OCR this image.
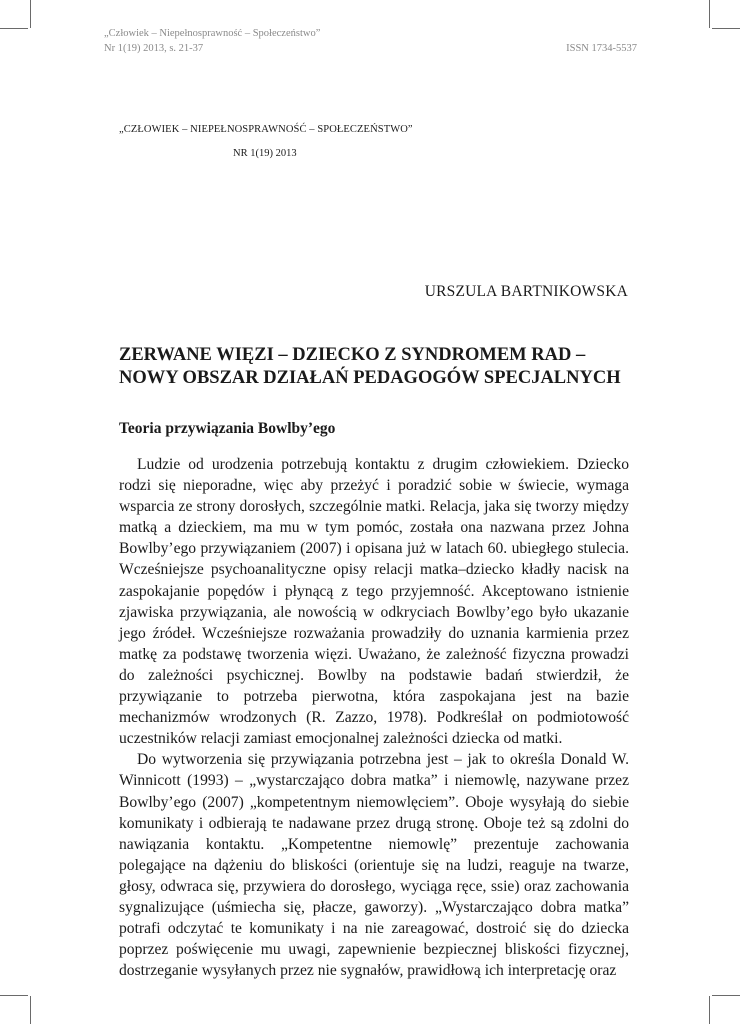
„Człowiek – Niepełnosprawność – Społeczeństwo”
Nr 1(19) 2013, s. 21-37	ISSN 1734-5537
„CZŁOWIEK – NIEPEŁNOSPRAWNOŚĆ – SPOŁECZEŃSTWO”
NR 1(19) 2013
URSZULA BARTNIKOWSKA
ZERWANE WIĘZI – DZIECKO Z SYNDROMEM RAD –
NOWY OBSZAR DZIAŁAŃ PEDAGOGÓW SPECJALNYCH
Teoria przywiązania Bowlby’ego

Ludzie od urodzenia potrzebują kontaktu z drugim człowiekiem. Dziecko rodzi się nieporadne, więc aby przeżyć i poradzić sobie w świecie, wymaga wsparcia ze strony dorosłych, szczególnie matki. Relacja, jaka się tworzy między matką a dzieckiem, ma mu w tym pomóc, została ona nazwana przez Johna Bowlby’ego przywiązaniem (2007) i opisana już w latach 60. ubiegłego stulecia. Wcześniejsze psychoanalityczne opisy relacji matka–dziecko kładły nacisk na zaspokajanie popędów i płynącą z tego przyjemność. Akceptowano istnienie zjawiska przywiązania, ale nowością w odkryciach Bowlby’ego było ukazanie jego źródeł. Wcześniejsze rozważania prowadziły do uznania karmienia przez matkę za podstawę tworzenia więzi. Uważano, że zależność fizyczna prowadzi do zależności psychicznej. Bowlby na podstawie badań stwierdził, że przywiązanie to potrzeba pierwotna, która zaspokajana jest na bazie mechanizmów wrodzonych (R. Zazzo, 1978). Podkreślał on podmiotowość uczestników relacji zamiast emocjonalnej zależności dziecka od matki.

Do wytworzenia się przywiązania potrzebna jest – jak to określa Donald W. Winnicott (1993) – „wystarczająco dobra matka” i niemowlę, nazywane przez Bowlby’ego (2007) „kompetentnym niemowlęciem”. Oboje wysyłają do siebie komunikaty i odbierają te nadawane przez drugą stronę. Oboje też są zdolni do nawiązania kontaktu. „Kompetentne niemowlę” prezentuje zachowania polegające na dążeniu do bliskości (orientuje się na ludzi, reaguje na twarze, głosy, odwraca się, przywiera do dorosłego, wyciąga ręce, ssie) oraz zachowania sygnalizujące (uśmiecha się, płacze, gaworzy). „Wystarczająco dobra matka” potrafi odczytać te komunikaty i na nie zareagować, dostroić się do dziecka poprzez poświęcenie mu uwagi, zapewnienie bezpiecznej bliskości fizycznej, dostrzeganie wysyłanych przez nie sygnałów, prawidłową ich interpretację oraz
